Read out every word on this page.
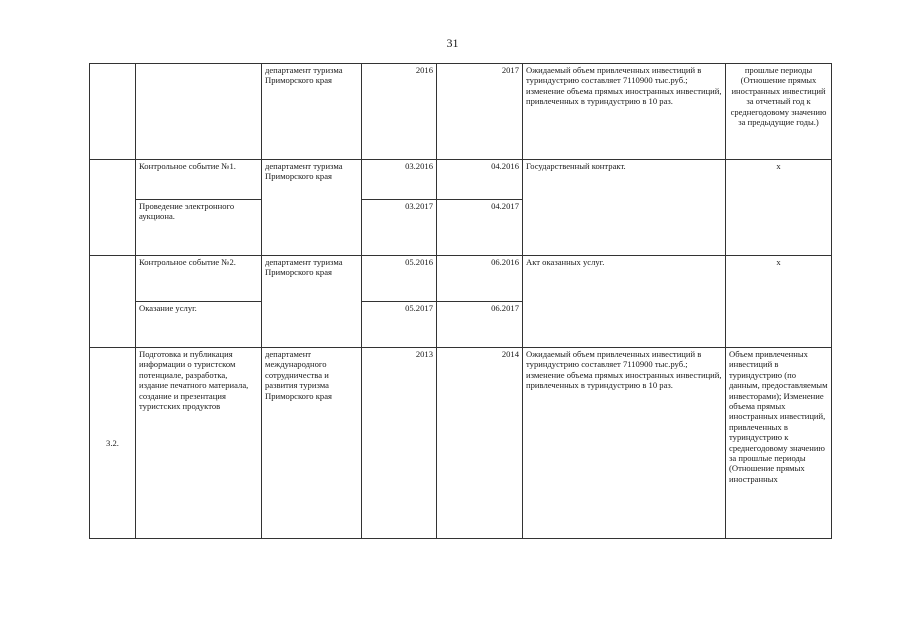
31
		департамент туризма Приморского края	2016	2017	Ожидаемый объем привлеченных инвестиций в туриндустрию составляет 7110900 тыс.руб.; изменение объема прямых иностранных инвестиций, привлеченных в туриндустрию в 10 раз.	прошлые периоды (Отношение прямых иностранных инвестиций за отчетный год к среднегодовому значению за предыдущие годы.)
	Контрольное событие №1.	департамент туризма Приморского края	03.2016	04.2016	Государственный контракт.	х
	Проведение электронного аукциона.		03.2017	04.2017		
	Контрольное событие №2.	департамент туризма Приморского края	05.2016	06.2016	Акт оказанных услуг.	х
	Оказание услуг.		05.2017	06.2017		
3.2.	Подготовка и публикация информации о туристском потенциале, разработка, издание печатного материала, создание и презентация туристских продуктов	департамент международного сотрудничества и развития туризма Приморского края	2013	2014	Ожидаемый объем привлеченных инвестиций в туриндустрию составляет 7110900 тыс.руб.; изменение объема прямых иностранных инвестиций, привлеченных в туриндустрию в 10 раз.	Объем привлеченных инвестиций в туриндустрию (по данным, предоставляемым инвесторами); Изменение объема прямых иностранных инвестиций, привлеченных в туриндустрию к среднегодовому значению за прошлые периоды (Отношение прямых иностранных
